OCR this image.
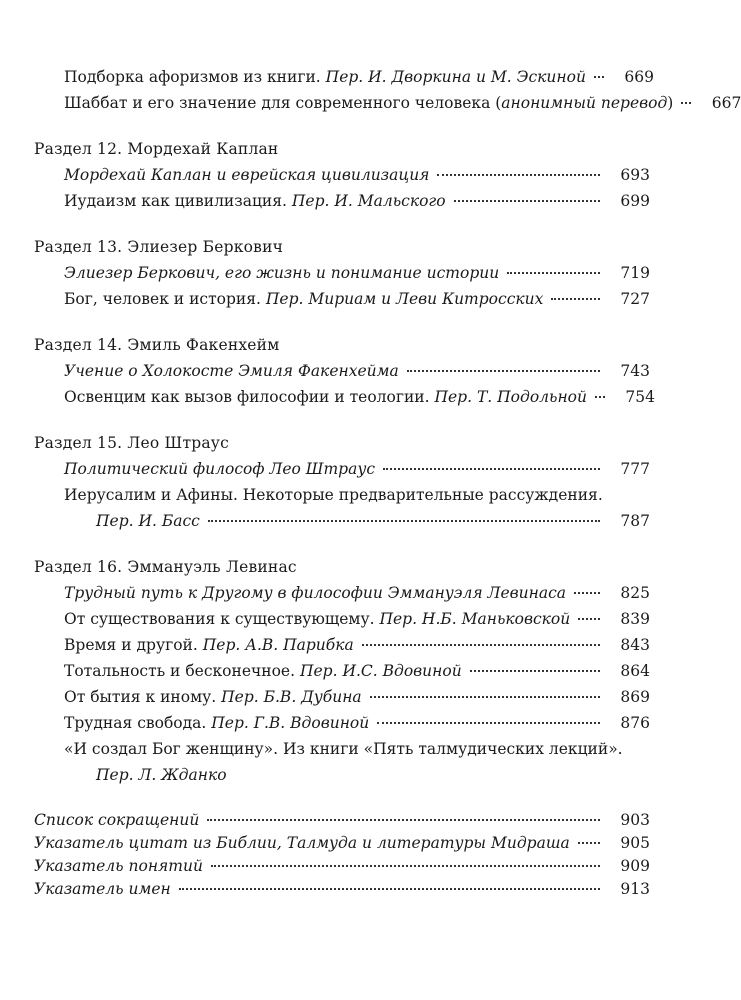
Подборка афоризмов из книги. Пер. И. Дворкина и М. Эскиной	669
Шаббат и его значение для современного человека (анонимный перевод)	667
Раздел 12. Мордехай Каплан
Мордехай Каплан и еврейская цивилизация	693
Иудаизм как цивилизация. Пер. И. Мальского	699
Раздел 13. Элиезер Беркович
Элиезер Беркович, его жизнь и понимание истории	719
Бог, человек и история. Пер. Мириам и Леви Китросских	727
Раздел 14. Эмиль Факенхейм
Учение о Холокосте Эмиля Факенхейма	743
Освенцим как вызов философии и теологии. Пер. Т. Подольной	754
Раздел 15. Лео Штраус
Политический философ Лео Штраус	777
Иерусалим и Афины. Некоторые предварительные рассуждения.
Пер. И. Басс	787
Раздел 16. Эммануэль Левинас
Трудный путь к Другому в философии Эммануэля Левинаса	825
От существования к существующему. Пер. Н.Б. Маньковской	839
Время и другой. Пер. А.В. Парибка	843
Тотальность и бесконечное. Пер. И.С. Вдовиной	864
От бытия к иному. Пер. Б.В. Дубина	869
Трудная свобода. Пер. Г.В. Вдовиной	876
«И создал Бог женщину». Из книги «Пять талмудических лекций».
Пер. Л. Жданко
Список сокращений	903
Указатель цитат из Библии, Талмуда и литературы Мидраша	905
Указатель понятий	909
Указатель имен	913
